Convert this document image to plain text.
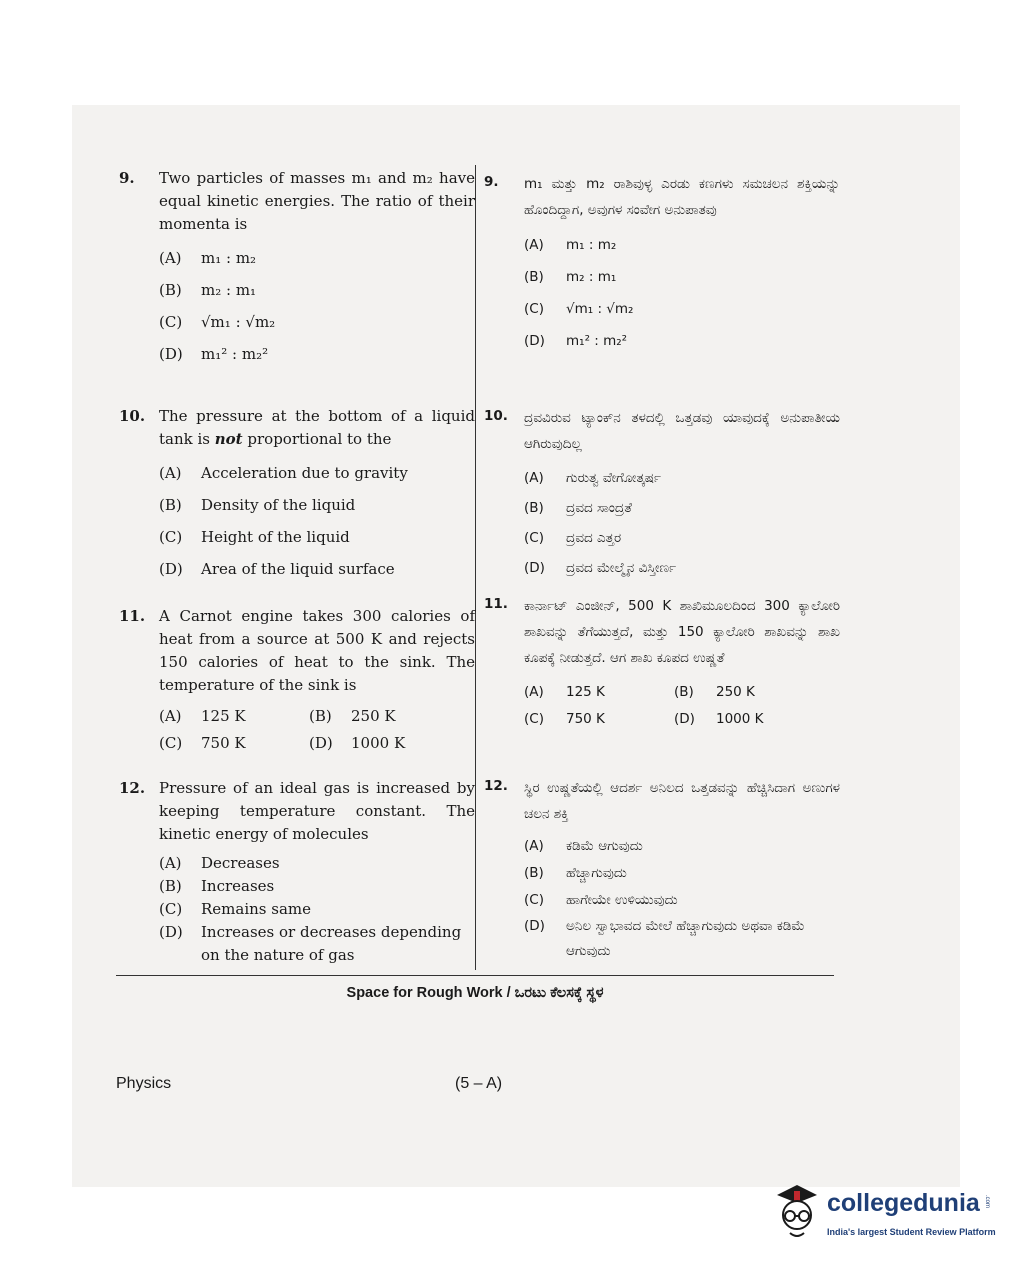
9.	Two particles of masses m₁ and m₂ have equal kinetic energies. The ratio of their momenta is
(A)	m₁ : m₂
(B)	m₂ : m₁
(C)	√m₁ : √m₂
(D)	m₁² : m₂²
10. The pressure at the bottom of a liquid tank is not proportional to the
(A)	Acceleration due to gravity
(B)	Density of the liquid
(C)	Height of the liquid
(D)	Area of the liquid surface
11. A Carnot engine takes 300 calories of heat from a source at 500 K and rejects 150 calories of heat to the sink. The temperature of the sink is
(A)	125 K	(B)	250 K
(C)	750 K	(D)	1000 K
12. Pressure of an ideal gas is increased by keeping temperature constant. The kinetic energy of molecules
(A)	Decreases
(B)	Increases
(C)	Remains same
(D)	Increases or decreases depending on the nature of gas
9.	m₁ ಮತ್ತು m₂ ರಾಶಿವುಳ್ಳ ಎರಡು ಕಣಗಳು ಸಮಚಲನ ಶಕ್ತಿಯನ್ನು ಹೊಂದಿದ್ದಾಗ, ಅವುಗಳ ಸಂವೇಗ ಅನುಪಾತವು
(A)	m₁ : m₂
(B)	m₂ : m₁
(C)	√m₁ : √m₂
(D)	m₁² : m₂²
10.	ದ್ರವವಿರುವ ಟ್ಯಾಂಕ್‌ನ ತಳದಲ್ಲಿ ಒತ್ತಡವು ಯಾವುದಕ್ಕೆ ಅನುಪಾತೀಯ ಆಗಿರುವುದಿಲ್ಲ
(A)	ಗುರುತ್ವ ವೇಗೋತ್ಕರ್ಷ
(B)	ದ್ರವದ ಸಾಂದ್ರತೆ
(C)	ದ್ರವದ ಎತ್ತರ
(D)	ದ್ರವದ ಮೇಲ್ಮೈನ ವಿಸ್ತೀರ್ಣ
11.	ಕಾರ್ನಾಟ್ ಎಂಜೀನ್, 500 K ಶಾಖಿಮೂಲದಿಂದ 300 ಕ್ಯಾಲೋರಿ ಶಾಖವನ್ನು ತೆಗೆಯುತ್ತದೆ, ಮತ್ತು 150 ಕ್ಯಾಲೋರಿ ಶಾಖವನ್ನು ಶಾಖ ಕೂಪಕ್ಕೆ ನೀಡುತ್ತದೆ. ಆಗ ಶಾಖ ಕೂಪದ ಉಷ್ಣತೆ
(A)	125 K	(B)	250 K
(C)	750 K	(D)	1000 K
12.	ಸ್ಥಿರ ಉಷ್ಣತೆಯಲ್ಲಿ ಆದರ್ಶ ಅನಿಲದ ಒತ್ತಡವನ್ನು ಹೆಚ್ಚಿಸಿದಾಗ ಅಣುಗಳ ಚಲನ ಶಕ್ತಿ
(A)	ಕಡಿಮೆ ಆಗುವುದು
(B)	ಹೆಚ್ಚಾಗುವುದು
(C)	ಹಾಗೇಯೇ ಉಳಿಯುವುದು
(D)	ಅನಿಲ ಸ್ವಾಭಾವದ ಮೇಲೆ ಹೆಚ್ಚಾಗುವುದು ಅಥವಾ ಕಡಿಮೆ ಆಗುವುದು
Space for Rough Work / ಒರಟು ಕೆಲಸಕ್ಕೆ ಸ್ಥಳ
Physics	(5 – A)
collegedunia .com
India's largest Student Review Platform
